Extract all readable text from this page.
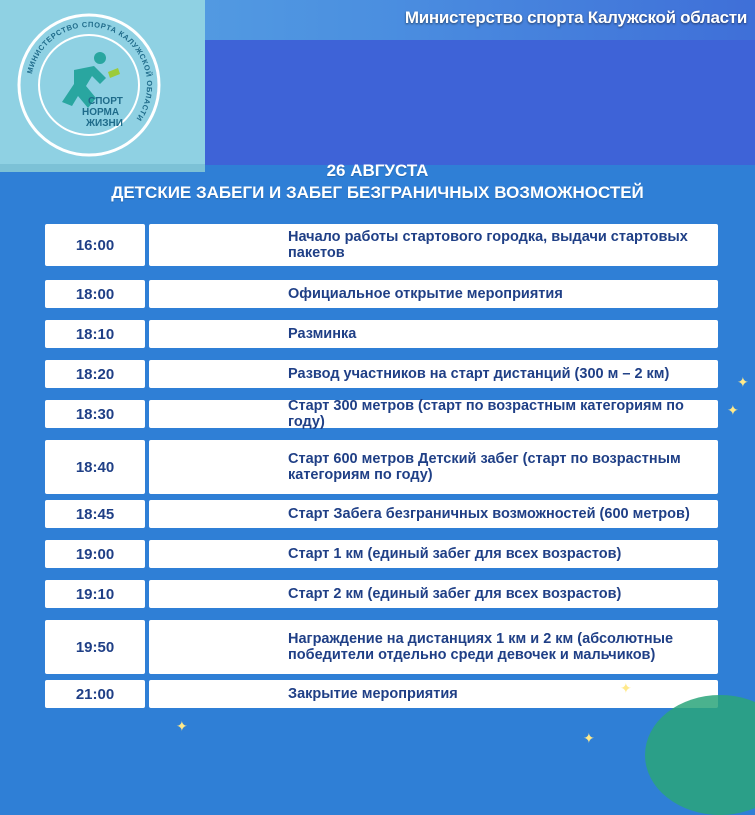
Министерство спорта Калужской области
МИНИСТЕРСТВО СПОРТА КАЛУЖСКОЙ ОБЛАСТИ
СПОРТ
НОРМА
ЖИЗНИ

26 АВГУСТА

ДЕТСКИЕ ЗАБЕГИ И ЗАБЕГ БЕЗГРАНИЧНЫХ ВОЗМОЖНОСТЕЙ

16:00	Начало работы стартового городка, выдачи стартовых
пакетов
18:00	Официальное открытие мероприятия
18:10	Разминка
18:20	Развод участников на старт дистанций (300 м – 2 км)
18:30	Старт 300 метров (старт по возрастным категориям по году)
18:40	Старт 600 метров Детский забег (старт по возрастным
категориям по году)
18:45	Старт Забега безграничных возможностей (600 метров)
19:00	Старт 1 км (единый забег для всех возрастов)
19:10	Старт 2 км (единый забег для всех возрастов)
19:50	Награждение на дистанциях 1 км и 2 км (абсолютные
победители отдельно среди девочек и мальчиков)
21:00	Закрытие мероприятия
✦
✦
✦
✦
✦
